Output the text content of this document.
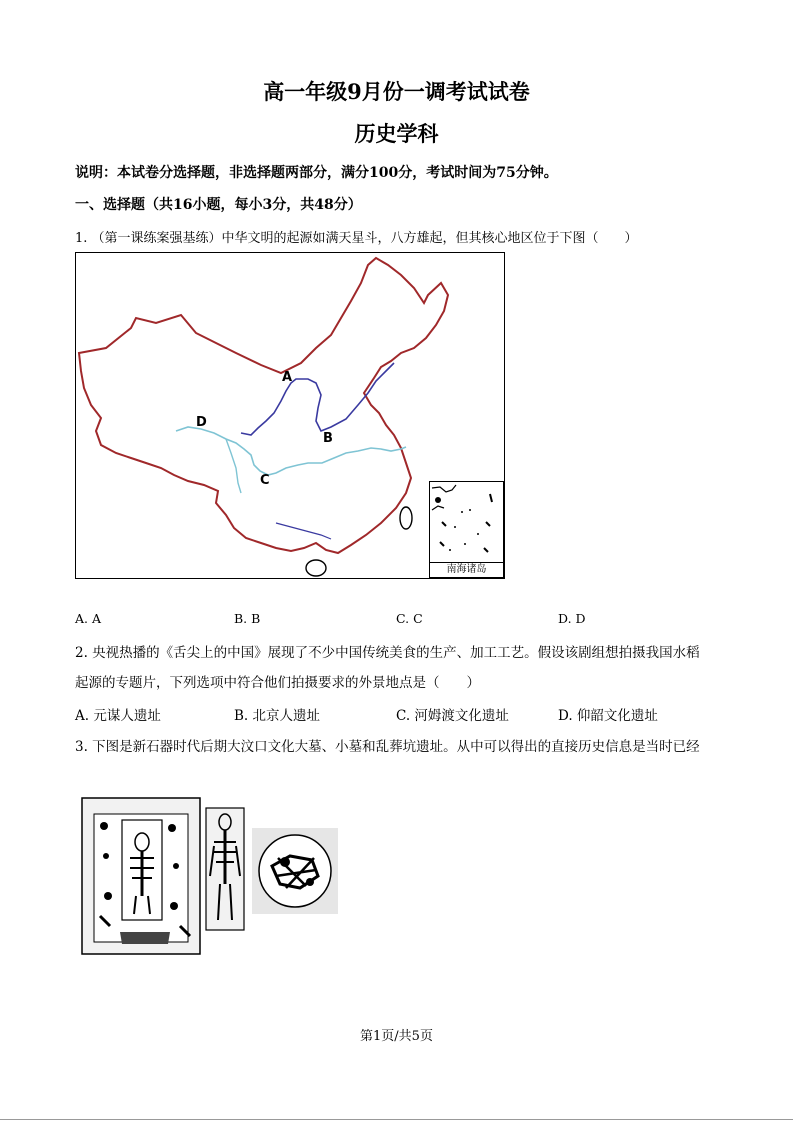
高一年级9月份一调考试试卷
历史学科
说明：本试卷分选择题，非选择题两部分，满分100分，考试时间为75分钟。
一、选择题（共16小题，每小3分，共48分）
1. （第一课练案强基练）中华文明的起源如满天星斗，八方雄起，但其核心地区位于下图（　　）
A
B
C
D
南海诸岛
A. A	B. B	C. C	D. D
2. 央视热播的《舌尖上的中国》展现了不少中国传统美食的生产、加工工艺。假设该剧组想拍摄我国水稻
起源的专题片，下列选项中符合他们拍摄要求的外景地点是（　　）
A. 元谋人遗址	B. 北京人遗址	C. 河姆渡文化遗址	D. 仰韶文化遗址
3. 下图是新石器时代后期大汶口文化大墓、小墓和乱葬坑遗址。从中可以得出的直接历史信息是当时已经
第1页/共5页
